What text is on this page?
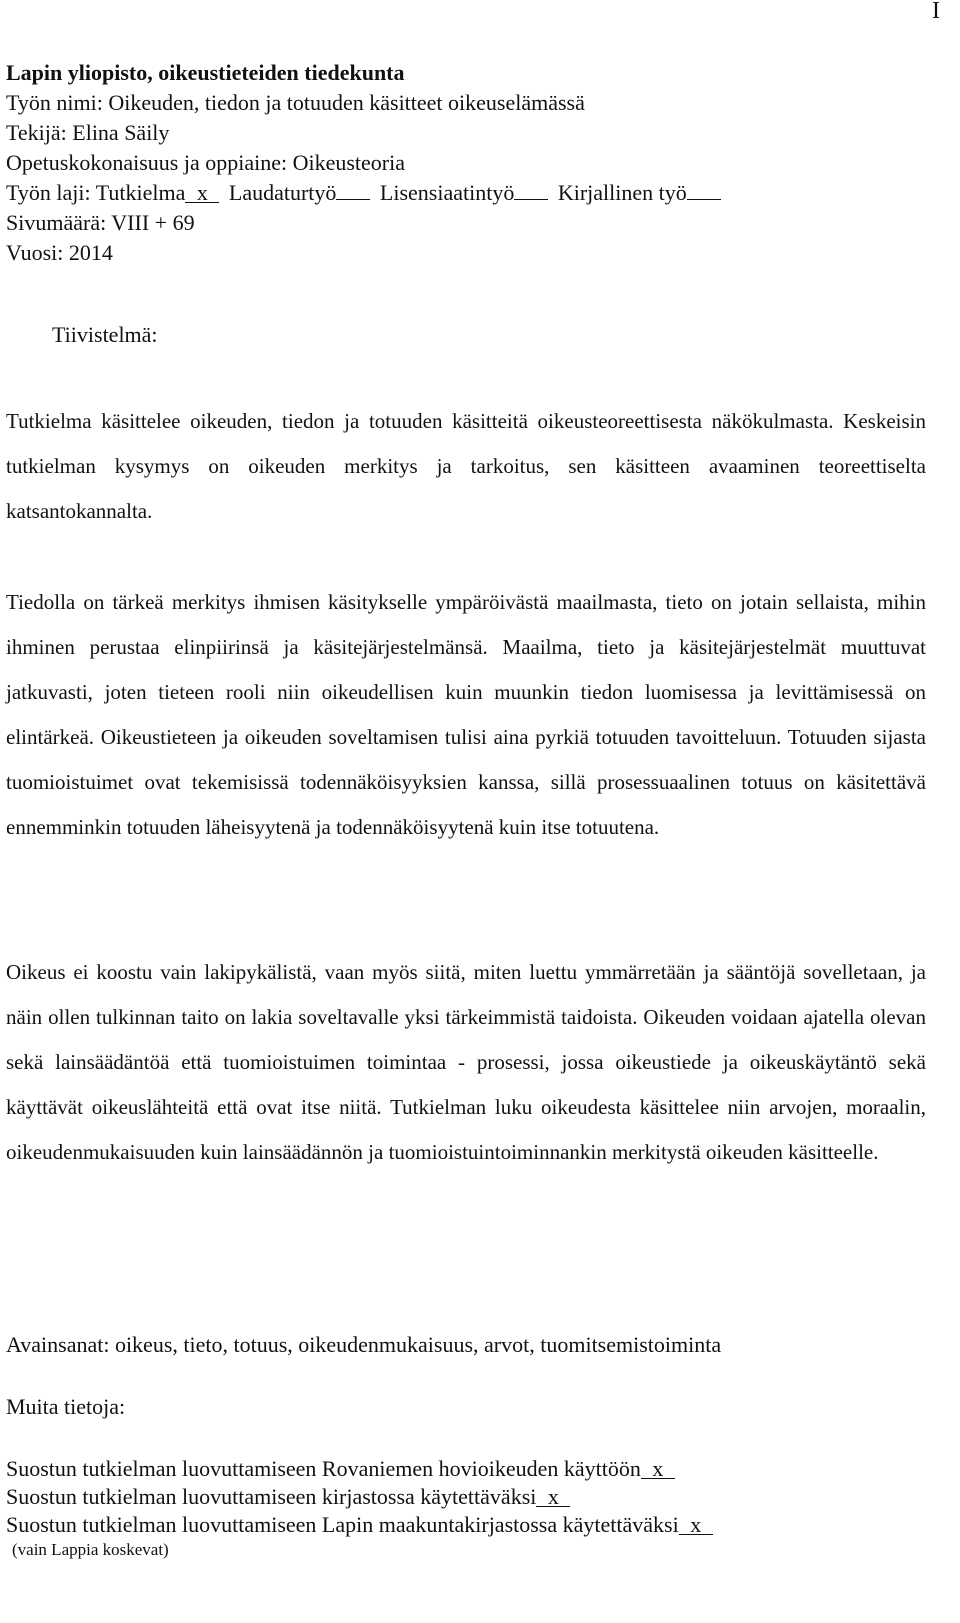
I
Lapin yliopisto, oikeustieteiden tiedekunta
Työn nimi: Oikeuden, tiedon ja totuuden käsitteet oikeuselämässä
Tekijä: Elina Säily
Opetuskokonaisuus ja oppiaine: Oikeusteoria
Työn laji: Tutkielma x Laudaturtyö Lisensiaatintyö Kirjallinen työ
Sivumäärä: VIII + 69
Vuosi: 2014
Tiivistelmä:

Tutkielma käsittelee oikeuden, tiedon ja totuuden käsitteitä oikeusteoreettisesta näkökulmasta. Keskeisin tutkielman kysymys on oikeuden merkitys ja tarkoitus, sen käsitteen avaaminen teoreettiselta katsantokannalta.

Tiedolla on tärkeä merkitys ihmisen käsitykselle ympäröivästä maailmasta, tieto on jotain sellaista, mihin ihminen perustaa elinpiirinsä ja käsitejärjestelmänsä. Maailma, tieto ja käsitejärjestelmät muuttuvat jatkuvasti, joten tieteen rooli niin oikeudellisen kuin muunkin tiedon luomisessa ja levittämisessä on elintärkeä. Oikeustieteen ja oikeuden soveltamisen tulisi aina pyrkiä totuuden tavoitteluun. Totuuden sijasta tuomioistuimet ovat tekemisissä todennäköisyyksien kanssa, sillä prosessuaalinen totuus on käsitettävä ennemminkin totuuden läheisyytenä ja todennäköisyytenä kuin itse totuutena.

Oikeus ei koostu vain lakipykälistä, vaan myös siitä, miten luettu ymmärretään ja sääntöjä sovelletaan, ja näin ollen tulkinnan taito on lakia soveltavalle yksi tärkeimmistä taidoista. Oikeuden voidaan ajatella olevan sekä lainsäädäntöä että tuomioistuimen toimintaa - prosessi, jossa oikeustiede ja oikeuskäytäntö sekä käyttävät oikeuslähteitä että ovat itse niitä. Tutkielman luku oikeudesta käsittelee niin arvojen, moraalin, oikeudenmukaisuuden kuin lainsäädännön ja tuomioistuintoiminnankin merkitystä oikeuden käsitteelle.

Avainsanat: oikeus, tieto, totuus, oikeudenmukaisuus, arvot, tuomitsemistoiminta
Muita tietoja:
Suostun tutkielman luovuttamiseen Rovaniemen hovioikeuden käyttöön x
Suostun tutkielman luovuttamiseen kirjastossa käytettäväksi x
Suostun tutkielman luovuttamiseen Lapin maakuntakirjastossa käytettäväksi x
(vain Lappia koskevat)
